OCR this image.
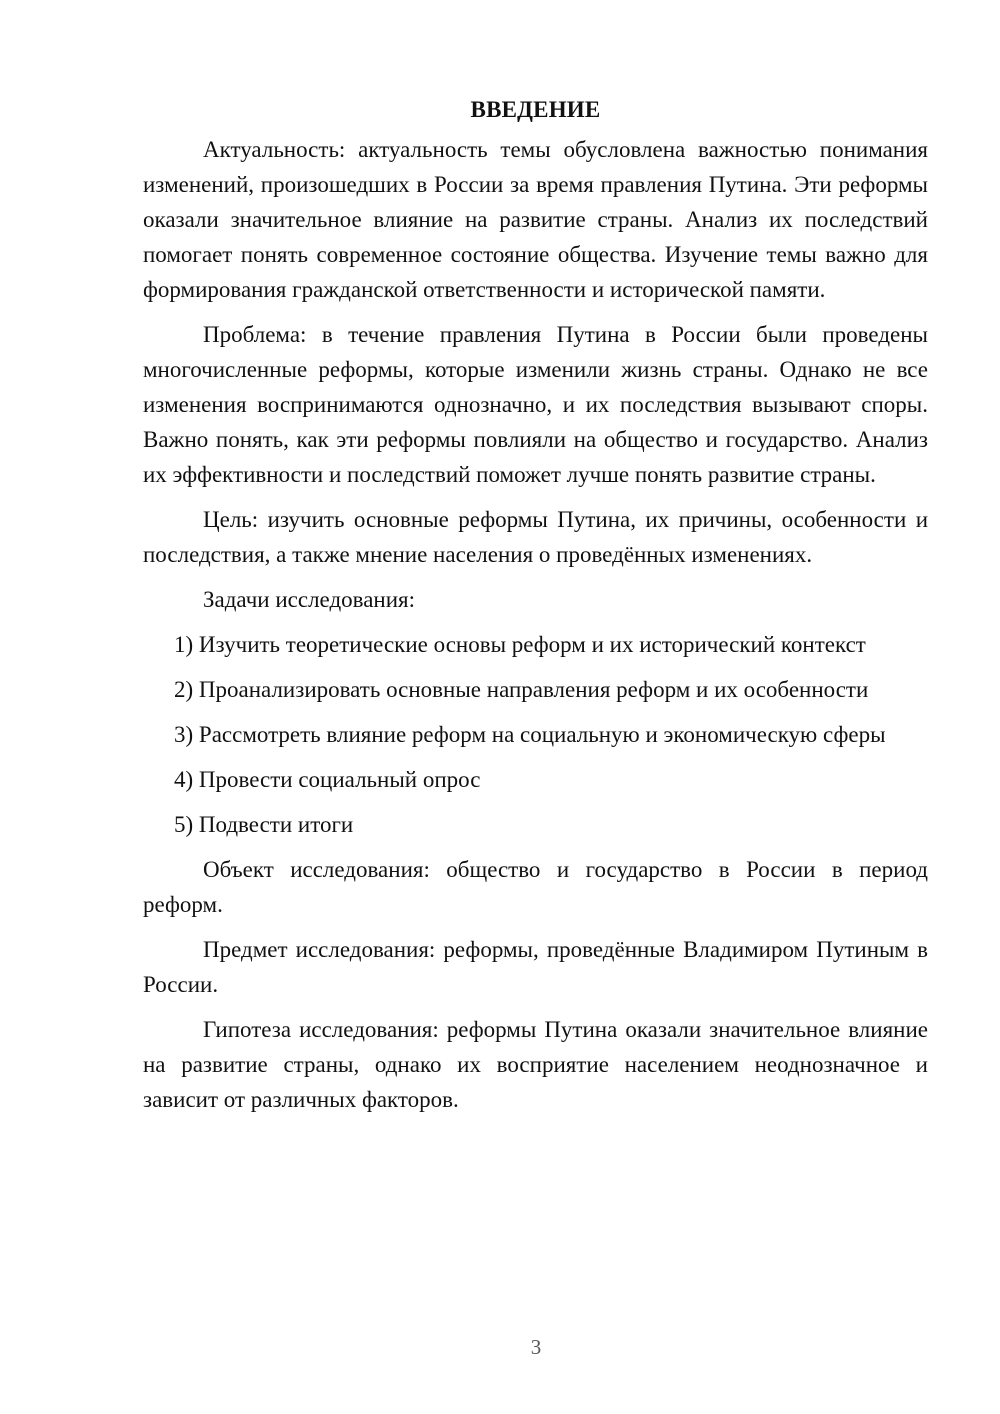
ВВЕДЕНИЕ

Актуальность: актуальность темы обусловлена важностью понимания изменений, произошедших в России за время правления Путина. Эти реформы оказали значительное влияние на развитие страны. Анализ их последствий помогает понять современное состояние общества. Изучение темы важно для формирования гражданской ответственности и исторической памяти.

Проблема: в течение правления Путина в России были проведены многочисленные реформы, которые изменили жизнь страны. Однако не все изменения воспринимаются однозначно, и их последствия вызывают споры. Важно понять, как эти реформы повлияли на общество и государство. Анализ их эффективности и последствий поможет лучше понять развитие страны.

Цель: изучить основные реформы Путина, их причины, особенности и последствия, а также мнение населения о проведённых изменениях.

Задачи исследования:

1) Изучить теоретические основы реформ и их исторический контекст

2) Проанализировать основные направления реформ и их особенности

3) Рассмотреть влияние реформ на социальную и экономическую сферы

4) Провести социальный опрос

5) Подвести итоги

Объект исследования: общество и государство в России в период реформ.

Предмет исследования: реформы, проведённые Владимиром Путиным в России.

Гипотеза исследования: реформы Путина оказали значительное влияние на развитие страны, однако их восприятие населением неоднозначное и зависит от различных факторов.

3
